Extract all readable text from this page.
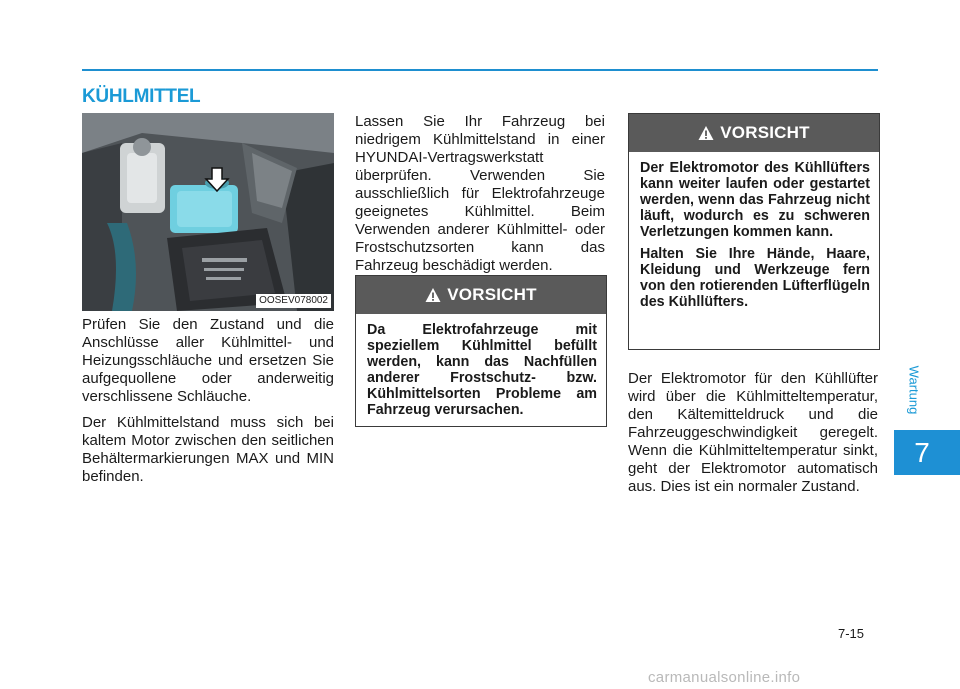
KÜHLMITTEL
OOSEV078002

Prüfen Sie den Zustand und die Anschlüsse aller Kühlmittel- und Heizungsschläuche und ersetzen Sie aufgequollene oder anderweitig verschlissene Schläuche.

Der Kühlmittelstand muss sich bei kaltem Motor zwischen den seitlichen Behältermarkierungen MAX und MIN befinden.

Lassen Sie Ihr Fahrzeug bei niedrigem Kühlmittelstand in einer HYUNDAI-Vertragswerkstatt überprüfen. Verwenden Sie ausschließlich für Elektrofahrzeuge geeignetes Kühlmittel. Beim Verwenden anderer Kühlmittel- oder Frostschutzsorten kann das Fahrzeug beschädigt werden.

VORSICHT

Da Elektrofahrzeuge mit speziellem Kühlmittel befüllt werden, kann das Nachfüllen anderer Frostschutz- bzw. Kühlmittelsorten Probleme am Fahrzeug verursachen.

VORSICHT

Der Elektromotor des Kühllüfters kann weiter laufen oder gestartet werden, wenn das Fahrzeug nicht läuft, wodurch es zu schweren Verletzungen kommen kann.

Halten Sie Ihre Hände, Haare, Kleidung und Werkzeuge fern von den rotierenden Lüfterflügeln des Kühllüfters.

Der Elektromotor für den Kühllüfter wird über die Kühlmitteltemperatur, den Kältemitteldruck und die Fahrzeuggeschwindigkeit geregelt. Wenn die Kühlmitteltemperatur sinkt, geht der Elektromotor automatisch aus. Dies ist ein normaler Zustand.

Wartung
7
7-15
carmanualsonline.info
